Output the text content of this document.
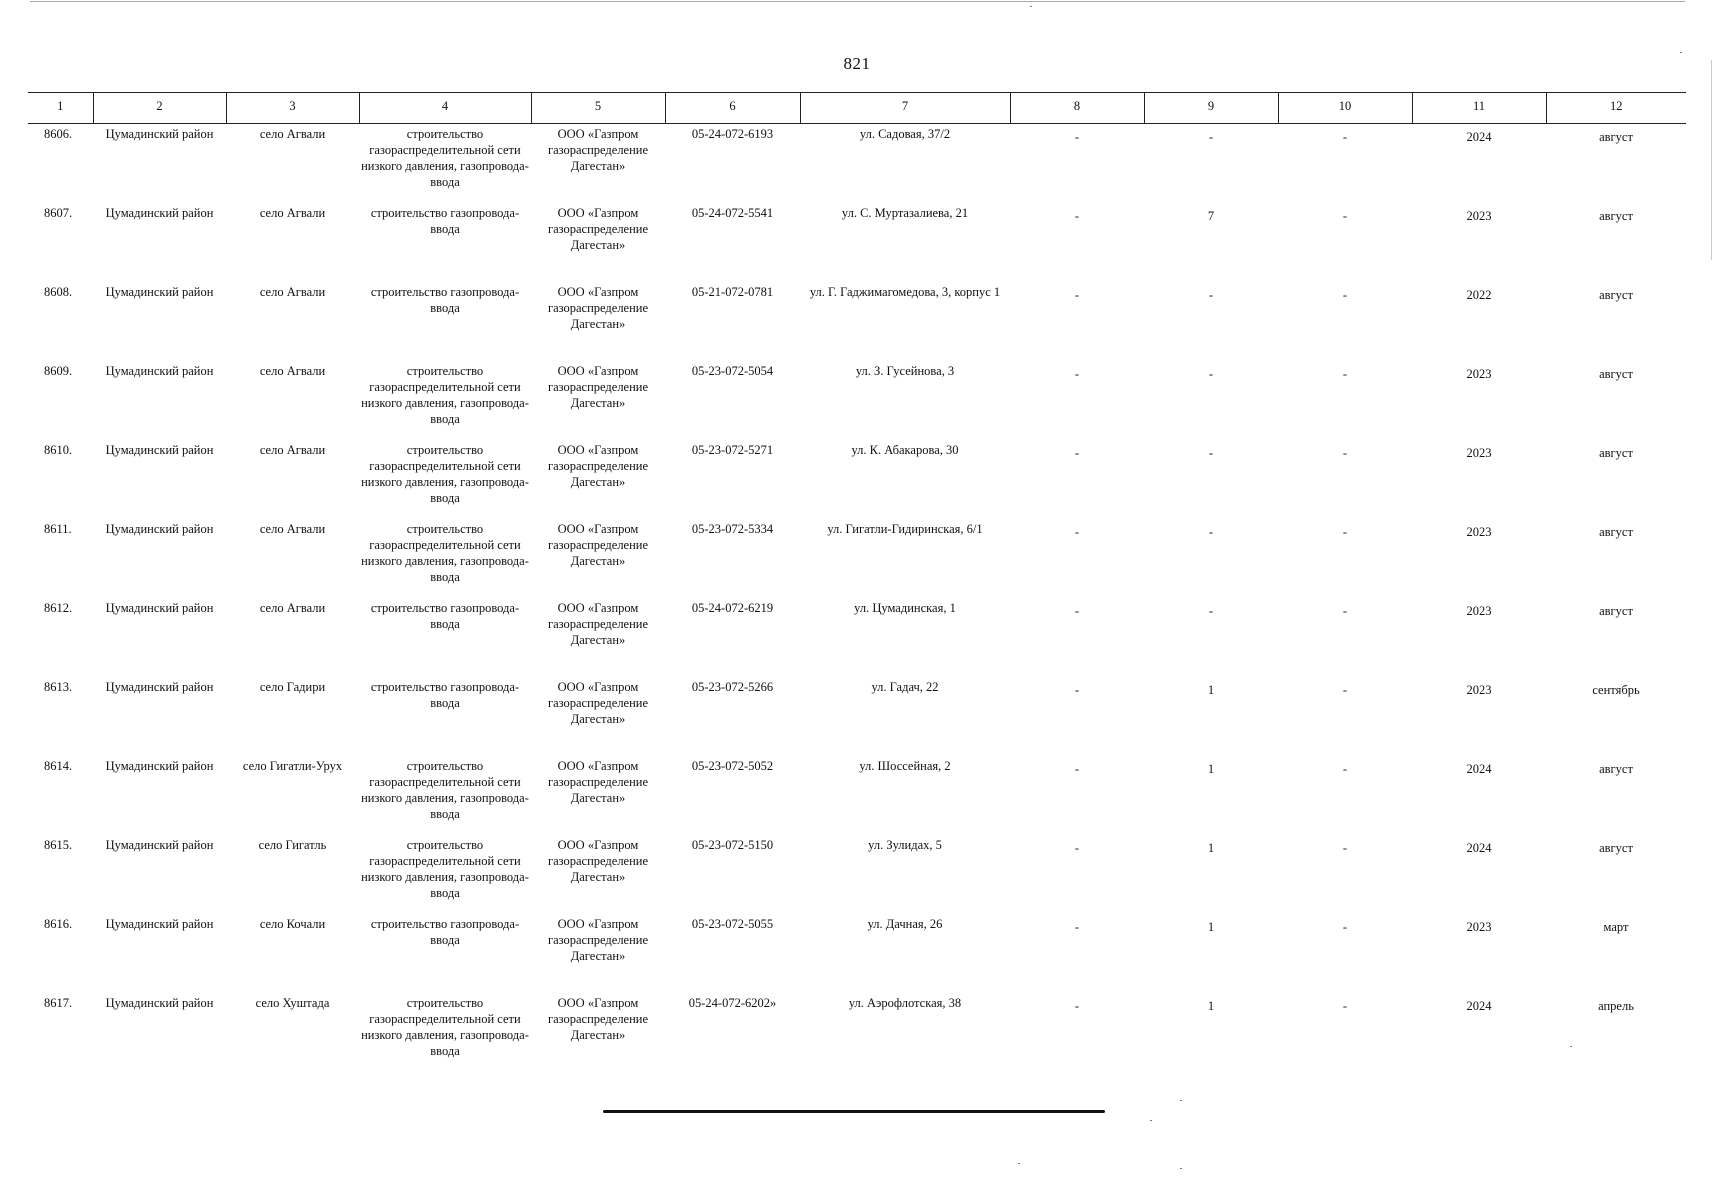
821
1	2	3	4	5	6	7	8	9	10	11	12

8606.	Цумадинский район	село Агвали	строительство газораспределительной сети низкого давления, газопровода-ввода	ООО «Газпром газораспределение Дагестан»	05-24-072-6193	ул. Садовая, 37/2	-	-	-	2024	август

8607.	Цумадинский район	село Агвали	строительство газопровода-ввода	ООО «Газпром газораспределение Дагестан»	05-24-072-5541	ул. С. Муртазалиева, 21	-	7	-	2023	август

8608.	Цумадинский район	село Агвали	строительство газопровода-ввода	ООО «Газпром газораспределение Дагестан»	05-21-072-0781	ул. Г. Гаджимагомедова, 3, корпус 1	-	-	-	2022	август

8609.	Цумадинский район	село Агвали	строительство газораспределительной сети низкого давления, газопровода-ввода	ООО «Газпром газораспределение Дагестан»	05-23-072-5054	ул. З. Гусейнова, 3	-	-	-	2023	август

8610.	Цумадинский район	село Агвали	строительство газораспределительной сети низкого давления, газопровода-ввода	ООО «Газпром газораспределение Дагестан»	05-23-072-5271	ул. К. Абакарова, 30	-	-	-	2023	август

8611.	Цумадинский район	село Агвали	строительство газораспределительной сети низкого давления, газопровода-ввода	ООО «Газпром газораспределение Дагестан»	05-23-072-5334	ул. Гигатли-Гидиринская, 6/1	-	-	-	2023	август

8612.	Цумадинский район	село Агвали	строительство газопровода-ввода	ООО «Газпром газораспределение Дагестан»	05-24-072-6219	ул. Цумадинская, 1	-	-	-	2023	август

8613.	Цумадинский район	село Гадири	строительство газопровода-ввода	ООО «Газпром газораспределение Дагестан»	05-23-072-5266	ул. Гадач, 22	-	1	-	2023	сентябрь

8614.	Цумадинский район	село Гигатли-Урух	строительство газораспределительной сети низкого давления, газопровода-ввода	ООО «Газпром газораспределение Дагестан»	05-23-072-5052	ул. Шоссейная, 2	-	1	-	2024	август

8615.	Цумадинский район	село Гигатль	строительство газораспределительной сети низкого давления, газопровода-ввода	ООО «Газпром газораспределение Дагестан»	05-23-072-5150	ул. Зулидах, 5	-	1	-	2024	август

8616.	Цумадинский район	село Кочали	строительство газопровода-ввода	ООО «Газпром газораспределение Дагестан»	05-23-072-5055	ул. Дачная, 26	-	1	-	2023	март

8617.	Цумадинский район	село Хуштада	строительство газораспределительной сети низкого давления, газопровода-ввода	ООО «Газпром газораспределение Дагестан»	05-24-072-6202»	ул. Аэрофлотская, 38	-	1	-	2024	апрель
